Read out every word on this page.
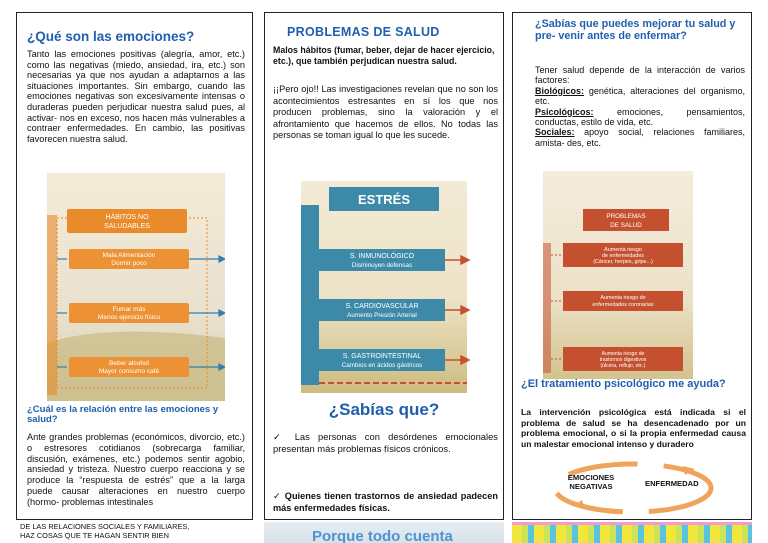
¿Qué son las emociones?

Tanto las emociones positivas (alegría, amor, etc.) como las negativas (miedo, ansiedad, ira, etc.) son necesarias ya que nos ayudan a adaptarnos a las situaciones importantes. Sin embargo, cuando las emociones negativas son excesivamente intensas o duraderas pueden perjudicar nuestra salud pues, al activar- nos en exceso, nos hacen más vulnerables a contraer enfermedades. En cambio, las positivas favorecen nuestra salud.

HÁBITOS NO
SALUDABLES
Mala Alimentación
Dormir poco
Fumar más
Menos ejercicio físico
Beber alcohol
Mayor consumo café
¿Cuál es la relación entre las emociones y salud?

Ante grandes problemas (económicos, divorcio, etc.) o estresores cotidianos (sobrecarga familiar, discusión, exámenes, etc.) podemos sentir agobio, ansiedad y tristeza. Nuestro cuerpo reacciona y se produce la “respuesta de estrés” que a la larga puede causar alteraciones en nuestro cuerpo (hormo- problemas intestinales

PROBLEMAS DE SALUD

Malos hábitos (fumar, beber, dejar de hacer ejercicio, etc.), que también perjudican nuestra salud.

¡¡Pero ojo!! Las investigaciones revelan que no son los acontecimientos estresantes en sí los que nos producen problemas, sino la valoración y el afrontamiento que hacemos de ellos. No todas las personas se toman igual lo que les sucede.

ESTRÉS
S. INMUNOLÓGICO
Disminuyen defensas
S. CARDIOVASCULAR
Aumento Presión Arterial
S. GASTROINTESTINAL
Cambios en ácidos gástricos
¿Sabías que?

✓ Las personas con desórdenes emocionales presentan más problemas físicos crónicos.

✓ Quienes tienen trastornos de ansiedad padecen más enfermedades físicas.

¿Sabías que puedes mejorar tu salud y pre- venir antes de enfermar?

Tener salud depende de la interacción de varios factores:
Biológicos: genética, alteraciones del organismo, etc.
Psicológicos: emociones, pensamientos, conductas, estilo de vida, etc.
Sociales: apoyo social, relaciones familiares, amista- des, etc.

PROBLEMAS
DE SALUD
Aumenta riesgo
de enfermedades
(Cáncer, herpes, gripe...)
Aumenta riesgo de
enfermedades coronarias
Aumenta riesgo de
trastornos digestivos
(úlcera, reflujo, etc.)
¿El tratamiento psicológico me ayuda?

La intervención psicológica está indicada si el problema de salud se ha desencadenado por un problema emocional, o si la propia enfermedad causa un malestar emocional intenso y duradero

EMOCIONES NEGATIVAS	ENFERMEDAD
DE LAS RELACIONES SOCIALES Y FAMILIARES,
HAZ COSAS QUE TE HAGAN SENTIR BIEN	Porque todo cuenta
